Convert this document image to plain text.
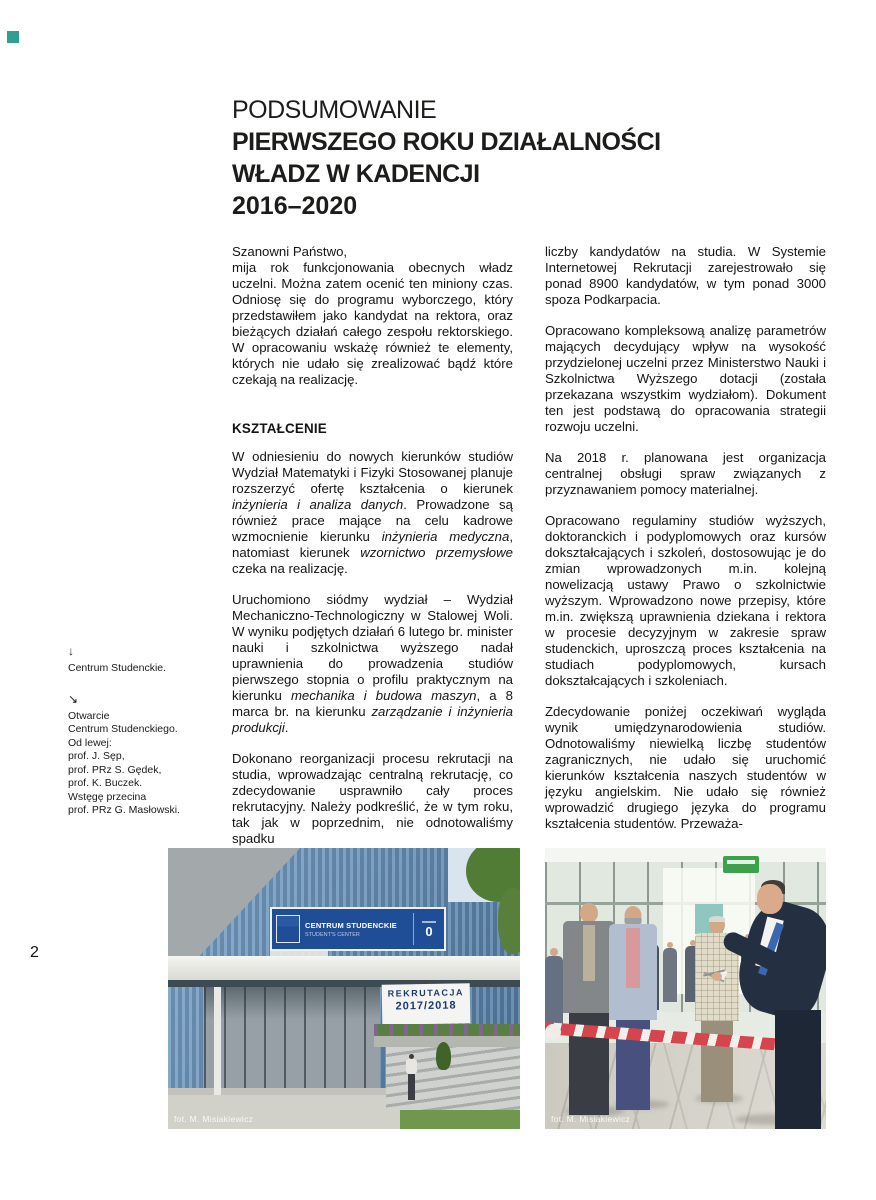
2
PODSUMOWANIE
PIERWSZEGO ROKU DZIAŁALNOŚCI
WŁADZ W KADENCJI
2016–2020
↓
Centrum Studenckie.
↘
Otwarcie
Centrum Studenckiego.
Od lewej:
prof. J. Sęp,
prof. PRz S. Gędek,
prof. K. Buczek.
Wstęgę przecina
prof. PRz G. Masłowski.

Szanowni Państwo,
mija rok funkcjonowania obecnych władz uczelni. Można zatem ocenić ten miniony czas. Odniosę się do programu wyborczego, który przedstawiłem jako kandydat na rektora, oraz bieżących działań całego zespołu rektorskiego. W opracowaniu wskażę również te elementy, których nie udało się zrealizować bądź które czekają na realizację.

KSZTAŁCENIE

W odniesieniu do nowych kierunków studiów Wydział Matematyki i Fizyki Stosowanej planuje rozszerzyć ofertę kształcenia o kierunek inżynieria i analiza danych. Prowadzone są również prace mające na celu kadrowe wzmocnienie kierunku inżynieria medyczna, natomiast kierunek wzornictwo przemysłowe czeka na realizację.

Uruchomiono siódmy wydział – Wydział Mechaniczno-Technologiczny w Stalowej Woli. W wyniku podjętych działań 6 lutego br. minister nauki i szkolnictwa wyższego nadał uprawnienia do prowadzenia studiów pierwszego stopnia o profilu praktycznym na kierunku mechanika i budowa maszyn, a 8 marca br. na kierunku zarządzanie i inżynieria produkcji.

Dokonano reorganizacji procesu rekrutacji na studia, wprowadzając centralną rekrutację, co zdecydowanie usprawniło cały proces rekrutacyjny. Należy podkreślić, że w tym roku, tak jak w poprzednim, nie odnotowaliśmy spadku

liczby kandydatów na studia. W Systemie Internetowej Rekrutacji zarejestrowało się ponad 8900 kandydatów, w tym ponad 3000 spoza Podkarpacia.

Opracowano kompleksową analizę parametrów mających decydujący wpływ na wysokość przydzielonej uczelni przez Ministerstwo Nauki i Szkolnictwa Wyższego dotacji (została przekazana wszystkim wydziałom). Dokument ten jest podstawą do opracowania strategii rozwoju uczelni.

Na 2018 r. planowana jest organizacja centralnej obsługi spraw związanych z przyznawaniem pomocy materialnej.

Opracowano regulaminy studiów wyższych, doktoranckich i podyplomowych oraz kursów dokształcających i szkoleń, dostosowując je do zmian wprowadzonych m.in. kolejną nowelizacją ustawy Prawo o szkolnictwie wyższym. Wprowadzono nowe przepisy, które m.in. zwiększą uprawnienia dziekana i rektora w procesie decyzyjnym w zakresie spraw studenckich, uproszczą proces kształcenia na studiach podyplomowych, kursach dokształcających i szkoleniach.

Zdecydowanie poniżej oczekiwań wygląda wynik umiędzynarodowienia studiów. Odnotowaliśmy niewielką liczbę studentów zagranicznych, nie udało się uruchomić kierunków kształcenia naszych studentów w języku angielskim. Nie udało się również wprowadzić drugiego języka do programu kształcenia studentów. Przeważa-

CENTRUM STUDENCKIE
STUDENT'S CENTER	0
REKRUTACJA
2017/2018
fot. M. Misiakiewicz	fot. M. Misiakiewicz
